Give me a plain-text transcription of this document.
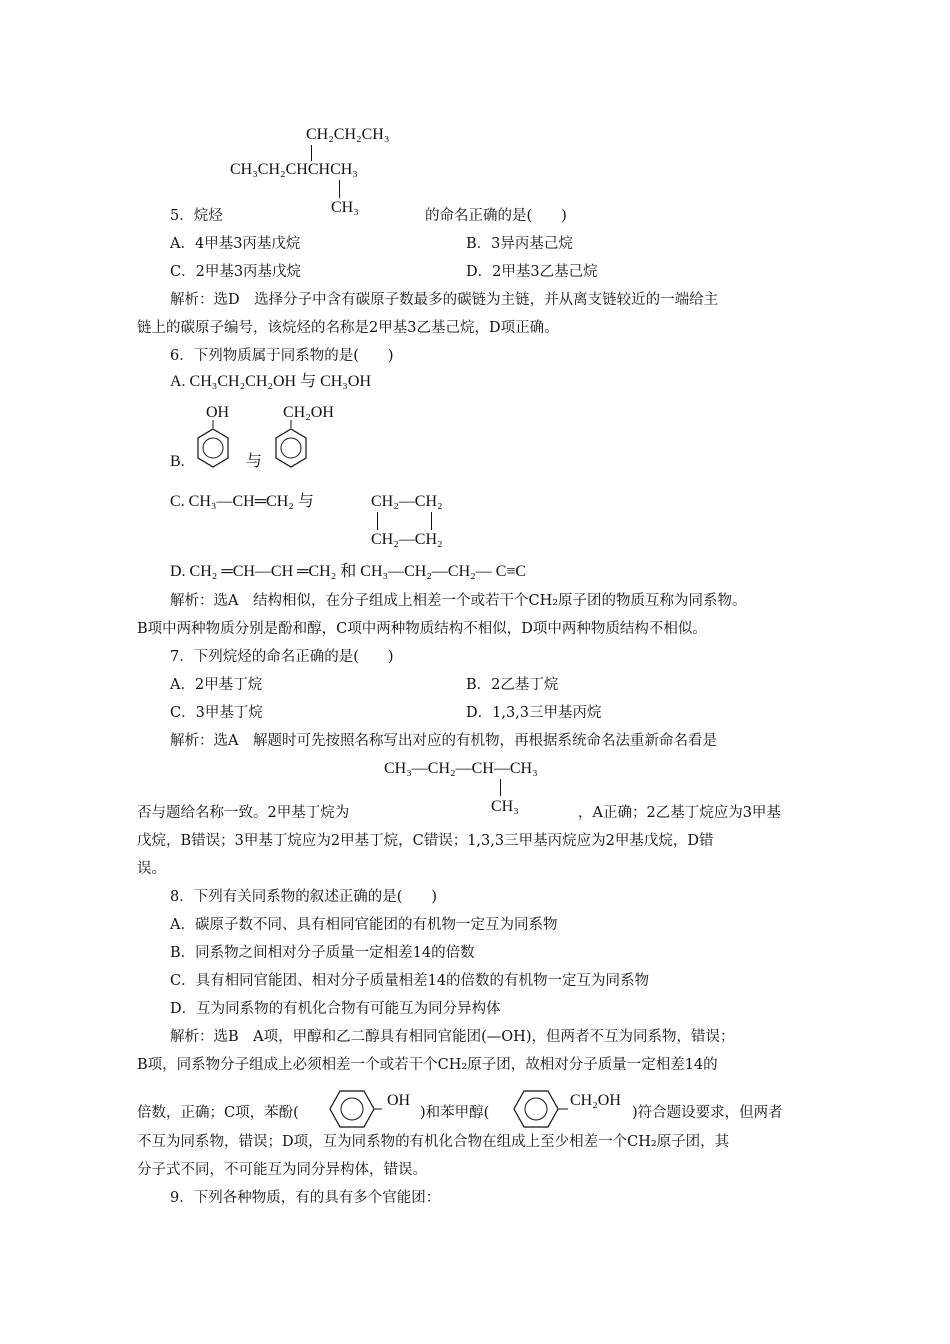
CH₂CH₂CH₃
CH₃CH₂CHCHCH₃
CH₃
5．烷烃	的命名正确的是(　　)
A．4甲基3丙基戊烷	B．3异丙基己烷
C．2甲基3丙基戊烷	D．2甲基3乙基己烷
解析：选D　选择分子中含有碳原子数最多的碳链为主链，并从离支链较近的一端给主
链上的碳原子编号，该烷烃的名称是2甲基3乙基己烷，D项正确。
6．下列物质属于同系物的是(　　)
A. CH₃CH₂CH₂OH 与 CH₃OH
OH	CH₂OH
B.	与
C. CH₃—CH═CH₂ 与	CH₂—CH₂
CH₂—CH₂
D. CH₂ ═CH—CH ═CH₂ 和 CH₃—CH₂—CH₂— C≡C
解析：选A　结构相似，在分子组成上相差一个或若干个CH₂原子团的物质互称为同系物。
B项中两种物质分别是酚和醇，C项中两种物质结构不相似，D项中两种物质结构不相似。
7．下列烷烃的命名正确的是(　　)
A．2甲基丁烷	B．2乙基丁烷
C．3甲基丁烷	D．1,3,3三甲基丙烷
解析：选A　解题时可先按照名称写出对应的有机物，再根据系统命名法重新命名看是
CH₃—CH₂—CH—CH₃
CH₃
否与题给名称一致。2甲基丁烷为	，A正确；2乙基丁烷应为3甲基
戊烷，B错误；3甲基丁烷应为2甲基丁烷，C错误；1,3,3三甲基丙烷应为2甲基戊烷，D错
误。
8．下列有关同系物的叙述正确的是(　　)
A．碳原子数不同、具有相同官能团的有机物一定互为同系物
B．同系物之间相对分子质量一定相差14的倍数
C．具有相同官能团、相对分子质量相差14的倍数的有机物一定互为同系物
D．互为同系物的有机化合物有可能互为同分异构体
解析：选B　A项，甲醇和乙二醇具有相同官能团(—OH)，但两者不互为同系物，错误；
B项，同系物分子组成上必须相差一个或若干个CH₂原子团，故相对分子质量一定相差14的
倍数，正确；C项，苯酚(
OH
)和苯甲醇(
CH₂OH
)符合题设要求，但两者
不互为同系物，错误；D项，互为同系物的有机化合物在组成上至少相差一个CH₂原子团，其
分子式不同，不可能互为同分异构体，错误。
9．下列各种物质，有的具有多个官能团：
